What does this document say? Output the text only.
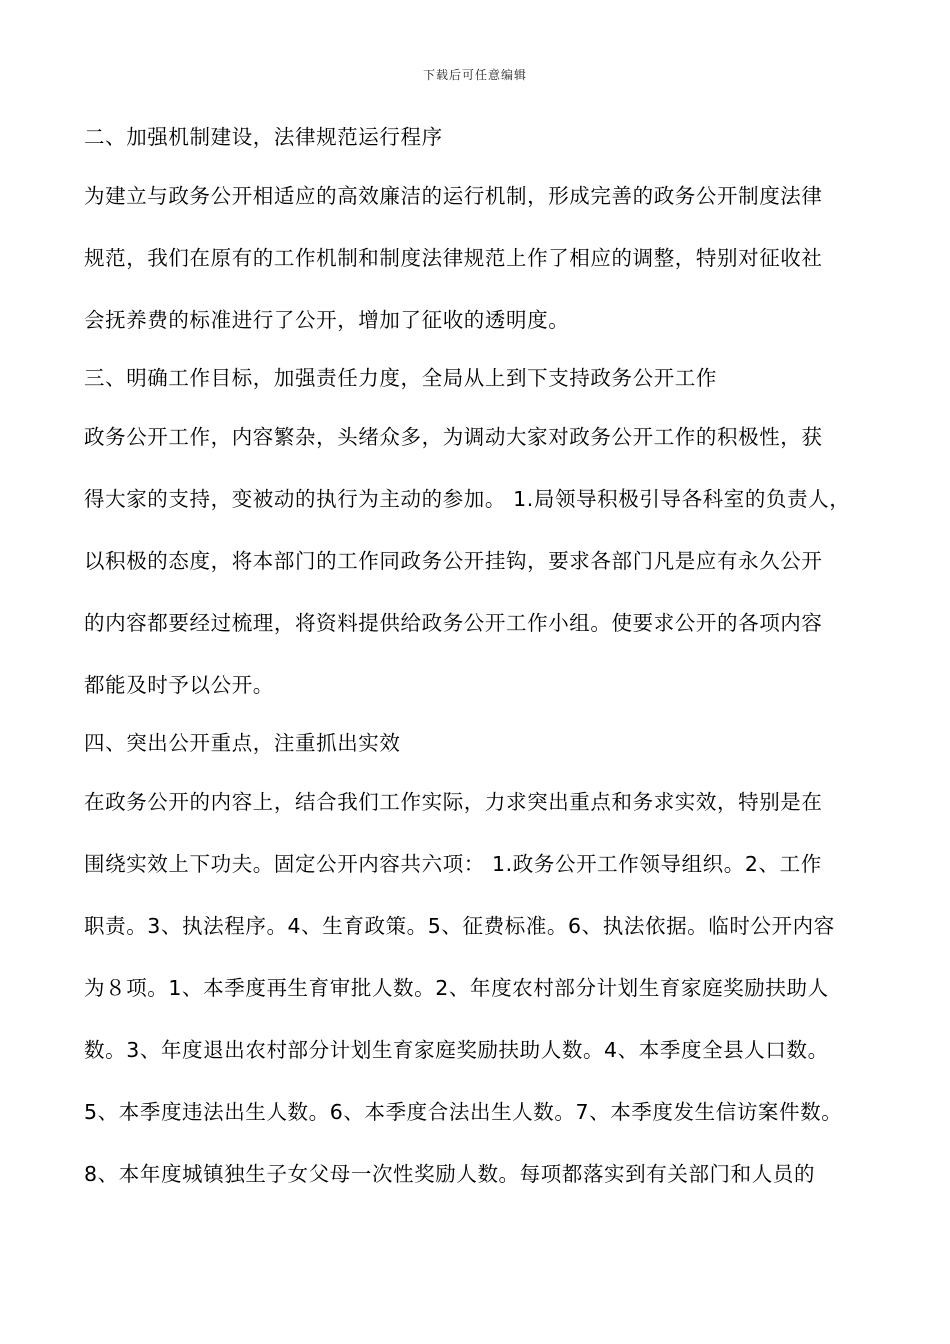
下载后可任意编辑
二、加强机制建设，法律规范运行程序
为建立与政务公开相适应的高效廉洁的运行机制，形成完善的政务公开制度法律
规范，我们在原有的工作机制和制度法律规范上作了相应的调整，特别对征收社
会抚养费的标准进行了公开，增加了征收的透明度。
三、明确工作目标，加强责任力度，全局从上到下支持政务公开工作
政务公开工作，内容繁杂，头绪众多，为调动大家对政务公开工作的积极性，获
得大家的支持，变被动的执行为主动的参加。 1.局领导积极引导各科室的负责人，
以积极的态度，将本部门的工作同政务公开挂钩，要求各部门凡是应有永久公开
的内容都要经过梳理，将资料提供给政务公开工作小组。使要求公开的各项内容
都能及时予以公开。
四、突出公开重点，注重抓出实效
在政务公开的内容上，结合我们工作实际，力求突出重点和务求实效，特别是在
围绕实效上下功夫。固定公开内容共六项： 1.政务公开工作领导组织。2、工作
职责。3、执法程序。4、生育政策。5、征费标准。6、执法依据。临时公开内容
为８项。1、本季度再生育审批人数。2、年度农村部分计划生育家庭奖励扶助人
数。3、年度退出农村部分计划生育家庭奖励扶助人数。4、本季度全县人口数。
5、本季度违法出生人数。6、本季度合法出生人数。7、本季度发生信访案件数。
8、本年度城镇独生子女父母一次性奖励人数。每项都落实到有关部门和人员的
